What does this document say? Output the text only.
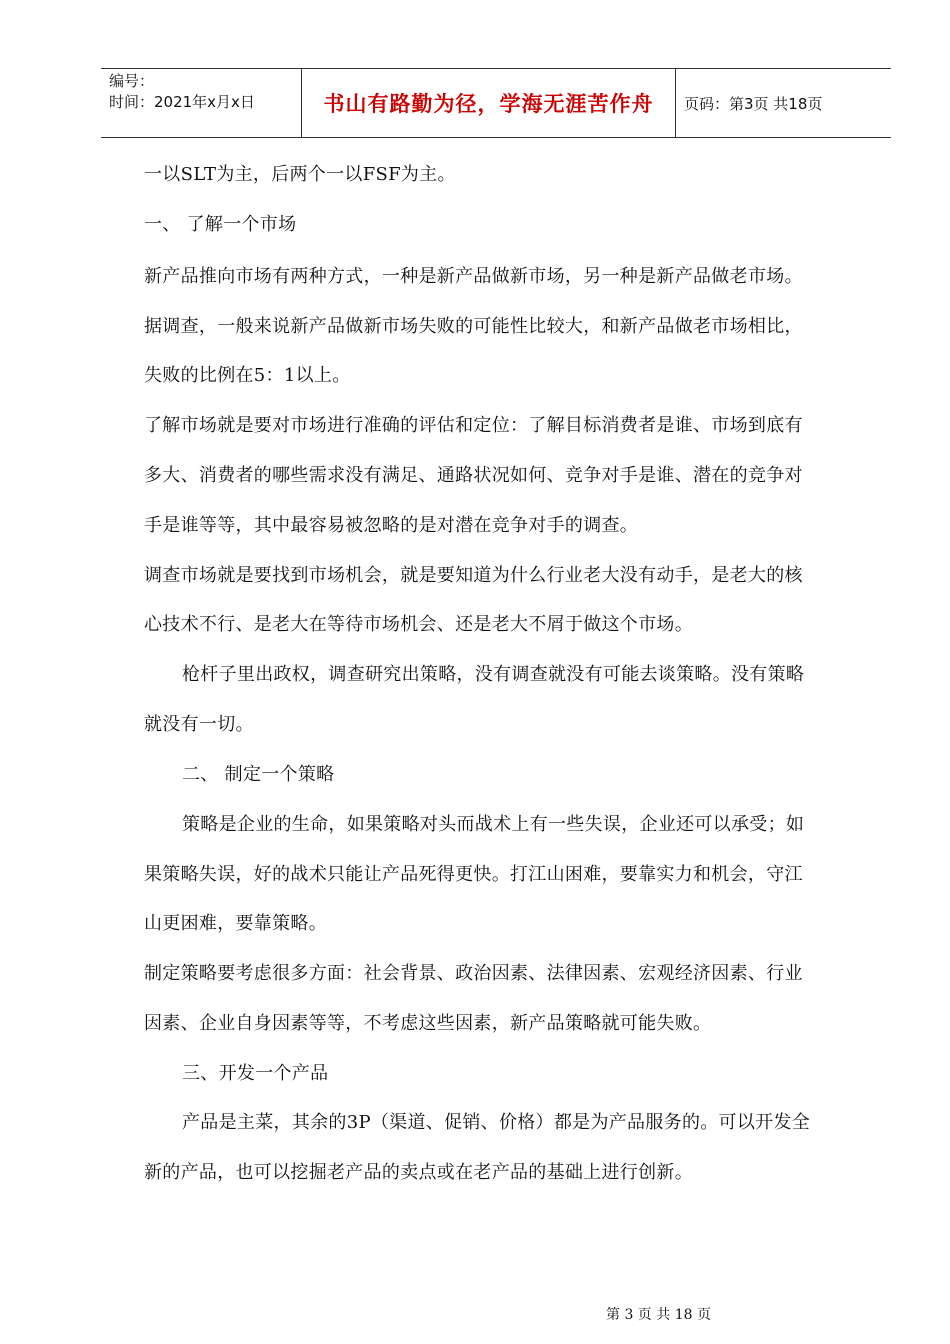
编号：
时间：2021年x月x日	书山有路勤为径，学海无涯苦作舟 页码：第3页 共18页
一以SLT为主，后两个一以FSF为主。
一、 了解一个市场
新产品推向市场有两种方式，一种是新产品做新市场，另一种是新产品做老市场。
据调查，一般来说新产品做新市场失败的可能性比较大，和新产品做老市场相比，
失败的比例在5：1以上。
了解市场就是要对市场进行准确的评估和定位：了解目标消费者是谁、市场到底有
多大、消费者的哪些需求没有满足、通路状况如何、竞争对手是谁、潜在的竞争对
手是谁等等，其中最容易被忽略的是对潜在竞争对手的调查。
调查市场就是要找到市场机会，就是要知道为什么行业老大没有动手，是老大的核
心技术不行、是老大在等待市场机会、还是老大不屑于做这个市场。
枪杆子里出政权，调查研究出策略，没有调查就没有可能去谈策略。没有策略
就没有一切。
二、 制定一个策略
策略是企业的生命，如果策略对头而战术上有一些失误，企业还可以承受；如
果策略失误，好的战术只能让产品死得更快。打江山困难，要靠实力和机会，守江
山更困难，要靠策略。
制定策略要考虑很多方面：社会背景、政治因素、法律因素、宏观经济因素、行业
因素、企业自身因素等等，不考虑这些因素，新产品策略就可能失败。
三、开发一个产品
产品是主菜，其余的3P（渠道、促销、价格）都是为产品服务的。可以开发全
新的产品，也可以挖掘老产品的卖点或在老产品的基础上进行创新。
第 3 页 共 18 页
